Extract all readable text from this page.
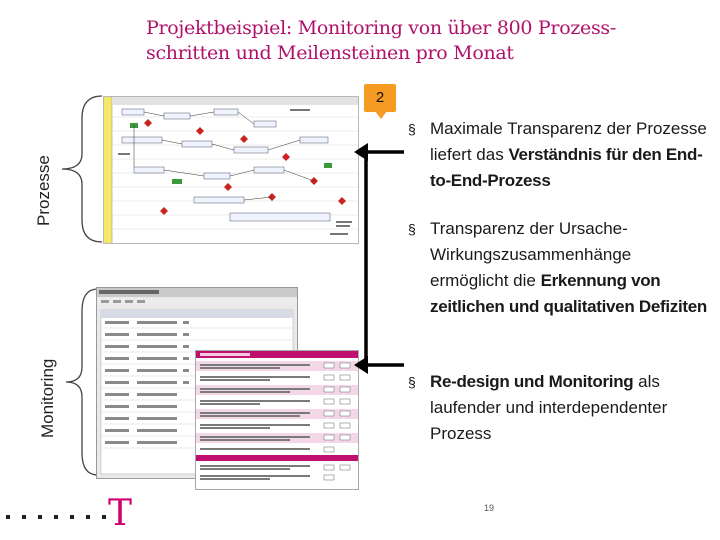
Projektbeispiel: Monitoring von über 800 Prozess-
schritten und Meilensteinen pro Monat
Prozesse
Monitoring
2
§ Maximale Transparenz der Prozesse liefert das Verständnis für den End-to-End-Prozess
§ Transparenz der Ursache-Wirkungszusammenhänge ermöglicht die Erkennung von zeitlichen und qualitativen Defiziten
§ Re-design und Monitoring als laufender und interdependenter Prozess
19
T
